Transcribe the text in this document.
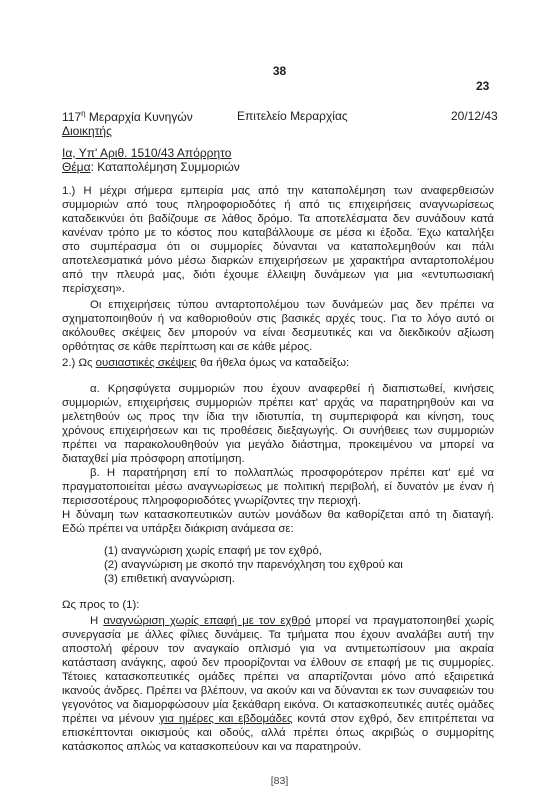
38
23
$117^\eta$ Μεραρχία Κυνηγών
Διοικητής
Επιτελείο Μεραρχίας	20/12/43
Ια, Υπ' Αριθ. 1510/43 Απόρρητο
Θέμα: Καταπολέμηση Συμμοριών
1.) Η μέχρι σήμερα εμπειρία μας από την καταπολέμηση των αναφερθεισών
συμμοριών από τους πληροφοριοδότες ή από τις επιχειρήσεις αναγνωρίσεως
καταδεικνύει ότι βαδίζουμε σε λάθος δρόμο. Τα αποτελέσματα δεν συνάδουν κατά
κανέναν τρόπο με το κόστος που καταβάλλουμε σε μέσα κι έξοδα. Έχω καταλήξει
στο συμπέρασμα ότι οι συμμορίες δύνανται να καταπολεμηθούν και πάλι
αποτελεσματικά μόνο μέσω διαρκών επιχειρήσεων με χαρακτήρα ανταρτοπολέμου
από την πλευρά μας, διότι έχουμε έλλειψη δυνάμεων για μια «εντυπωσιακή
περίσχεση».
Οι επιχειρήσεις τύπου ανταρτοπολέμου των δυνάμεών μας δεν πρέπει να
σχηματοποιηθούν ή να καθοριοθούν στις βασικές αρχές τους. Για το λόγο αυτό οι
ακόλουθες σκέψεις δεν μπορούν να είναι δεσμευτικές και να διεκδικούν αξίωση
ορθότητας σε κάθε περίπτωση και σε κάθε μέρος.
2.) Ως ουσιαστικές σκέψεις θα ήθελα όμως να καταδείξω:
α. Κρησφύγετα συμμοριών που έχουν αναφερθεί ή διαπιστωθεί, κινήσεις
συμμοριών, επιχειρήσεις συμμοριών πρέπει κατ' αρχάς να παρατηρηθούν και να
μελετηθούν ως προς την ίδια την ιδιοτυπία, τη συμπεριφορά και κίνηση, τους
χρόνους επιχειρήσεων και τις προθέσεις διεξαγωγής. Οι συνήθειες των συμμοριών
πρέπει να παρακολουθηθούν για μεγάλο διάστημα, προκειμένου να μπορεί να
διαταχθεί μία πρόσφορη αποτίμηση.
β. Η παρατήρηση επί το πολλαπλώς προσφορότερον πρέπει κατ' εμέ να
πραγματοποιείται μέσω αναγνωρίσεως με πολιτική περιβολή, εί δυνατόν με έναν ή
περισσοτέρους πληροφοριοδότες γνωρίζοντες την περιοχή.
Η δύναμη των κατασκοπευτικών αυτών μονάδων θα καθορίζεται από τη διαταγή.
Εδώ πρέπει να υπάρξει διάκριση ανάμεσα σε:
(1) αναγνώριση χωρίς επαφή με τον εχθρό,
(2) αναγνώριση με σκοπό την παρενόχληση του εχθρού και
(3) επιθετική αναγνώριση.
Ως προς το (1):
Η αναγνώριση χωρίς επαφή με τον εχθρό μπορεί να πραγματοποιηθεί χωρίς
συνεργασία με άλλες φίλιες δυνάμεις. Τα τμήματα που έχουν αναλάβει αυτή την
αποστολή φέρουν τον αναγκαίο οπλισμό για να αντιμετωπίσουν μια ακραία
κατάσταση ανάγκης, αφού δεν προορίζονται να έλθουν σε επαφή με τις συμμορίες.
Τέτοιες κατασκοπευτικές ομάδες πρέπει να απαρτίζονται μόνο από εξαιρετικά
ικανούς άνδρες. Πρέπει να βλέπουν, να ακούν και να δύνανται εκ των συναφειών του
γεγονότος να διαμορφώσουν μία ξεκάθαρη εικόνα. Οι κατασκοπευτικές αυτές ομάδες
πρέπει να μένουν για ημέρες και εβδομάδες κοντά στον εχθρό, δεν επιτρέπεται να
επισκέπτονται οικισμούς και οδούς, αλλά πρέπει όπως ακριβώς ο συμμορίτης
κατάσκοπος απλώς να κατασκοπεύουν και να παρατηρούν.
[83]
